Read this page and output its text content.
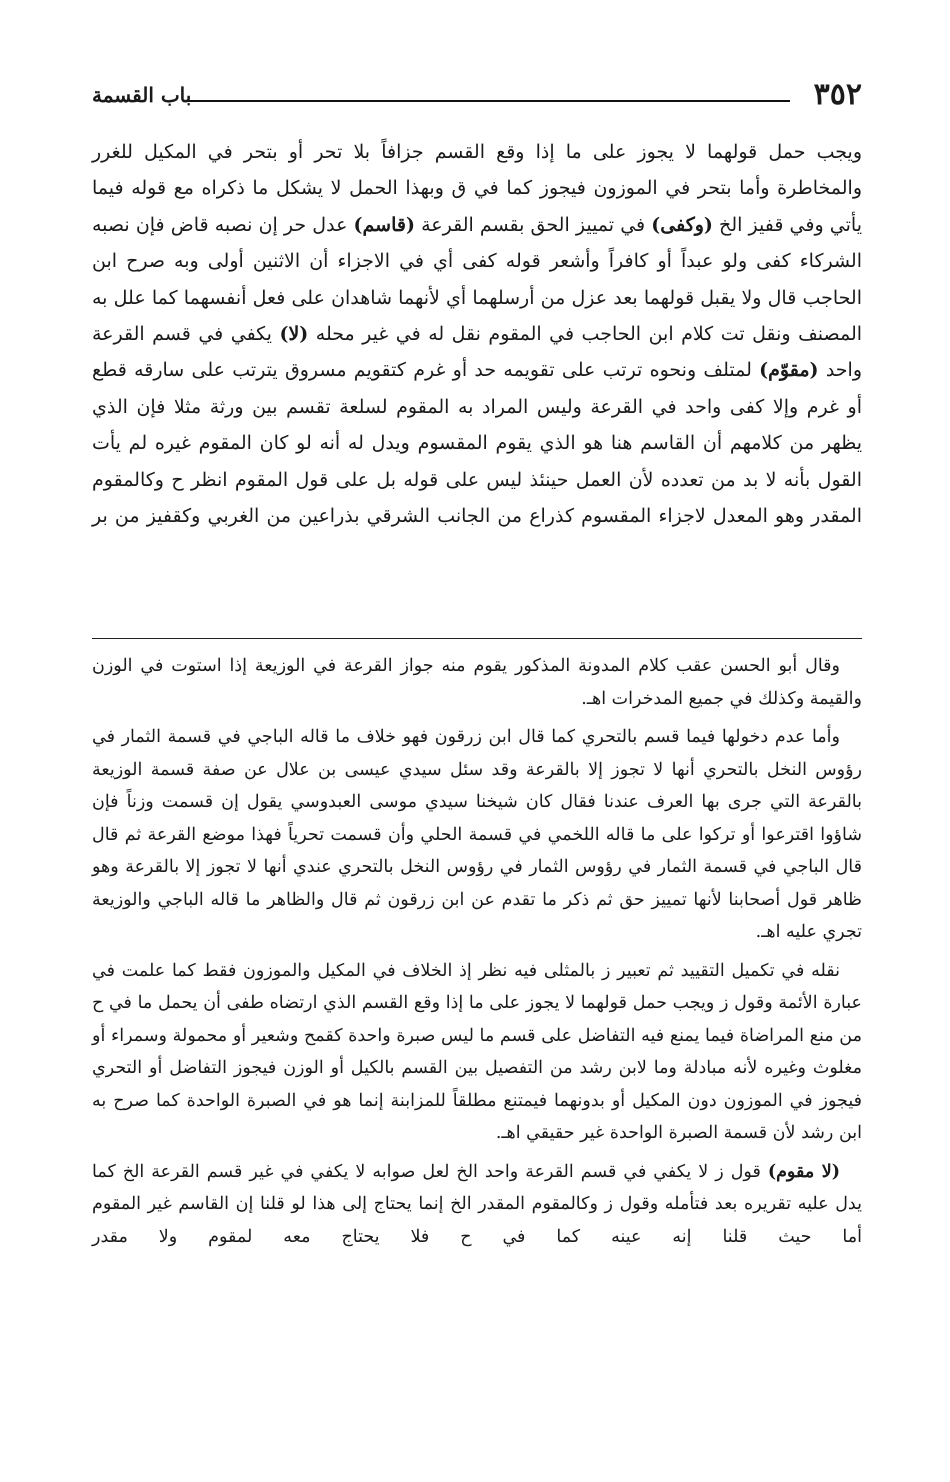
٣٥٢
باب القسمة

ويجب حمل قولهما لا يجوز على ما إذا وقع القسم جزافاً بلا تحر أو بتحر في المكيل للغرر والمخاطرة وأما بتحر في الموزون فيجوز كما في ق وبهذا الحمل لا يشكل ما ذكراه مع قوله فيما يأتي وفي قفيز الخ (وكفى) في تمييز الحق بقسم القرعة (قاسم) عدل حر إن نصبه قاض فإن نصبه الشركاء كفى ولو عبداً أو كافراً وأشعر قوله كفى أي في الاجزاء أن الاثنين أولى وبه صرح ابن الحاجب قال ولا يقبل قولهما بعد عزل من أرسلهما أي لأنهما شاهدان على فعل أنفسهما كما علل به المصنف ونقل تت كلام ابن الحاجب في المقوم نقل له في غير محله (لا) يكفي في قسم القرعة واحد (مقوّم) لمتلف ونحوه ترتب على تقويمه حد أو غرم كتقويم مسروق يترتب على سارقه قطع أو غرم وإلا كفى واحد في القرعة وليس المراد به المقوم لسلعة تقسم بين ورثة مثلا فإن الذي يظهر من كلامهم أن القاسم هنا هو الذي يقوم المقسوم ويدل له أنه لو كان المقوم غيره لم يأت القول بأنه لا بد من تعدده لأن العمل حينئذ ليس على قوله بل على قول المقوم انظر ح وكالمقوم المقدر وهو المعدل لاجزاء المقسوم كذراع من الجانب الشرقي بذراعين من الغربي وكقفيز من بر

وقال أبو الحسن عقب كلام المدونة المذكور يقوم منه جواز القرعة في الوزيعة إذا استوت في الوزن والقيمة وكذلك في جميع المدخرات اهـ.

وأما عدم دخولها فيما قسم بالتحري كما قال ابن زرقون فهو خلاف ما قاله الباجي في قسمة الثمار في رؤوس النخل بالتحري أنها لا تجوز إلا بالقرعة وقد سئل سيدي عيسى بن علال عن صفة قسمة الوزيعة بالقرعة التي جرى بها العرف عندنا فقال كان شيخنا سيدي موسى العبدوسي يقول إن قسمت وزناً فإن شاؤوا اقترعوا أو تركوا على ما قاله اللخمي في قسمة الحلي وأن قسمت تحرياً فهذا موضع القرعة ثم قال قال الباجي في قسمة الثمار في رؤوس الثمار في رؤوس النخل بالتحري عندي أنها لا تجوز إلا بالقرعة وهو ظاهر قول أصحابنا لأنها تمييز حق ثم ذكر ما تقدم عن ابن زرقون ثم قال والظاهر ما قاله الباجي والوزيعة تجري عليه اهـ.

نقله في تكميل التقييد ثم تعبير ز بالمثلى فيه نظر إذ الخلاف في المكيل والموزون فقط كما علمت في عبارة الأئمة وقول ز ويجب حمل قولهما لا يجوز على ما إذا وقع القسم الذي ارتضاه طفى أن يحمل ما في ح من منع المراضاة فيما يمنع فيه التفاضل على قسم ما ليس صبرة واحدة كقمح وشعير أو محمولة وسمراء أو مغلوث وغيره لأنه مبادلة وما لابن رشد من التفصيل بين القسم بالكيل أو الوزن فيجوز التفاضل أو التحري فيجوز في الموزون دون المكيل أو بدونهما فيمتنع مطلقاً للمزابنة إنما هو في الصبرة الواحدة كما صرح به ابن رشد لأن قسمة الصبرة الواحدة غير حقيقي اهـ.

(لا مقوم) قول ز لا يكفي في قسم القرعة واحد الخ لعل صوابه لا يكفي في غير قسم القرعة الخ كما يدل عليه تقريره بعد فتأمله وقول ز وكالمقوم المقدر الخ إنما يحتاج إلى هذا لو قلنا إن القاسم غير المقوم أما حيث قلنا إنه عينه كما في ح فلا يحتاج معه لمقوم ولا مقدر
